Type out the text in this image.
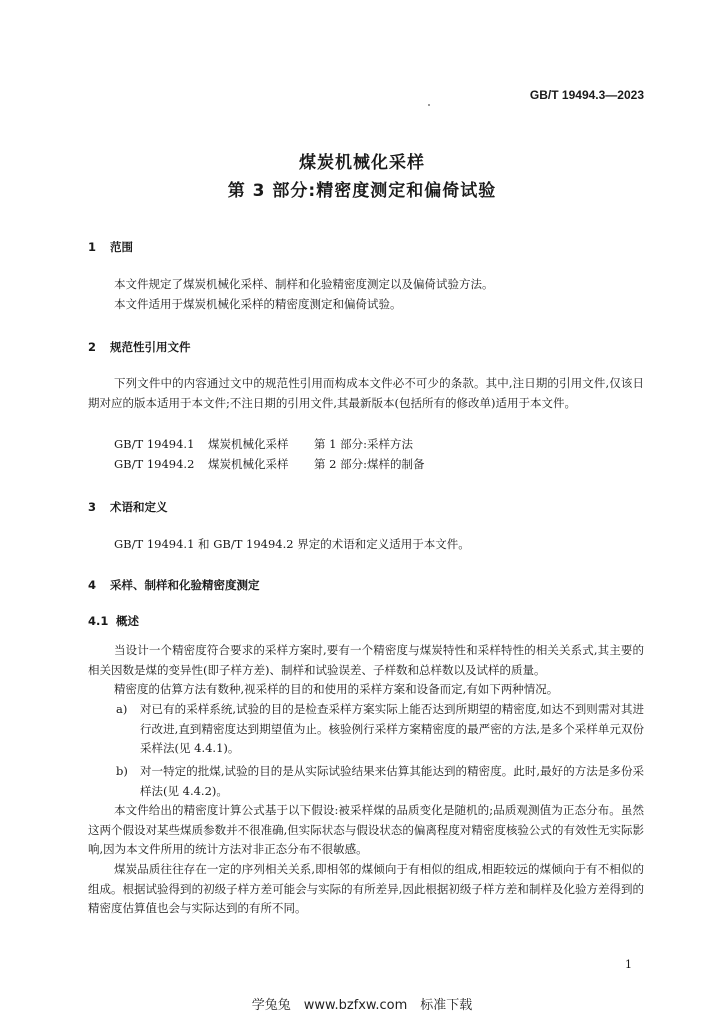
GB/T 19494.3—2023
煤炭机械化采样
第 3 部分:精密度测定和偏倚试验
1 范围
本文件规定了煤炭机械化采样、制样和化验精密度测定以及偏倚试验方法。
本文件适用于煤炭机械化采样的精密度测定和偏倚试验。
2 规范性引用文件
下列文件中的内容通过文中的规范性引用而构成本文件必不可少的条款。其中,注日期的引用文件,仅该日期对应的版本适用于本文件;不注日期的引用文件,其最新版本(包括所有的修改单)适用于本文件。
GB/T 19494.1 煤炭机械化采样 第 1 部分:采样方法
GB/T 19494.2 煤炭机械化采样 第 2 部分:煤样的制备
3 术语和定义
GB/T 19494.1 和 GB/T 19494.2 界定的术语和定义适用于本文件。
4 采样、制样和化验精密度测定
4.1 概述
当设计一个精密度符合要求的采样方案时,要有一个精密度与煤炭特性和采样特性的相关关系式,其主要的相关因数是煤的变异性(即子样方差)、制样和试验误差、子样数和总样数以及试样的质量。
精密度的估算方法有数种,视采样的目的和使用的采样方案和设备而定,有如下两种情况。
a) 对已有的采样系统,试验的目的是检查采样方案实际上能否达到所期望的精密度,如达不到则需对其进行改进,直到精密度达到期望值为止。核验例行采样方案精密度的最严密的方法,是多个采样单元双份采样法(见 4.4.1)。
b) 对一特定的批煤,试验的目的是从实际试验结果来估算其能达到的精密度。此时,最好的方法是多份采样法(见 4.4.2)。
本文件给出的精密度计算公式基于以下假设:被采样煤的品质变化是随机的;品质观测值为正态分布。虽然这两个假设对某些煤质参数并不很准确,但实际状态与假设状态的偏离程度对精密度核验公式的有效性无实际影响,因为本文件所用的统计方法对非正态分布不很敏感。
煤炭品质往往存在一定的序列相关关系,即相邻的煤倾向于有相似的组成,相距较远的煤倾向于有不相似的组成。根据试验得到的初级子样方差可能会与实际的有所差异,因此根据初级子样方差和制样及化验方差得到的精密度估算值也会与实际达到的有所不同。
1
学兔兔　www.bzfxw.com　标准下载
